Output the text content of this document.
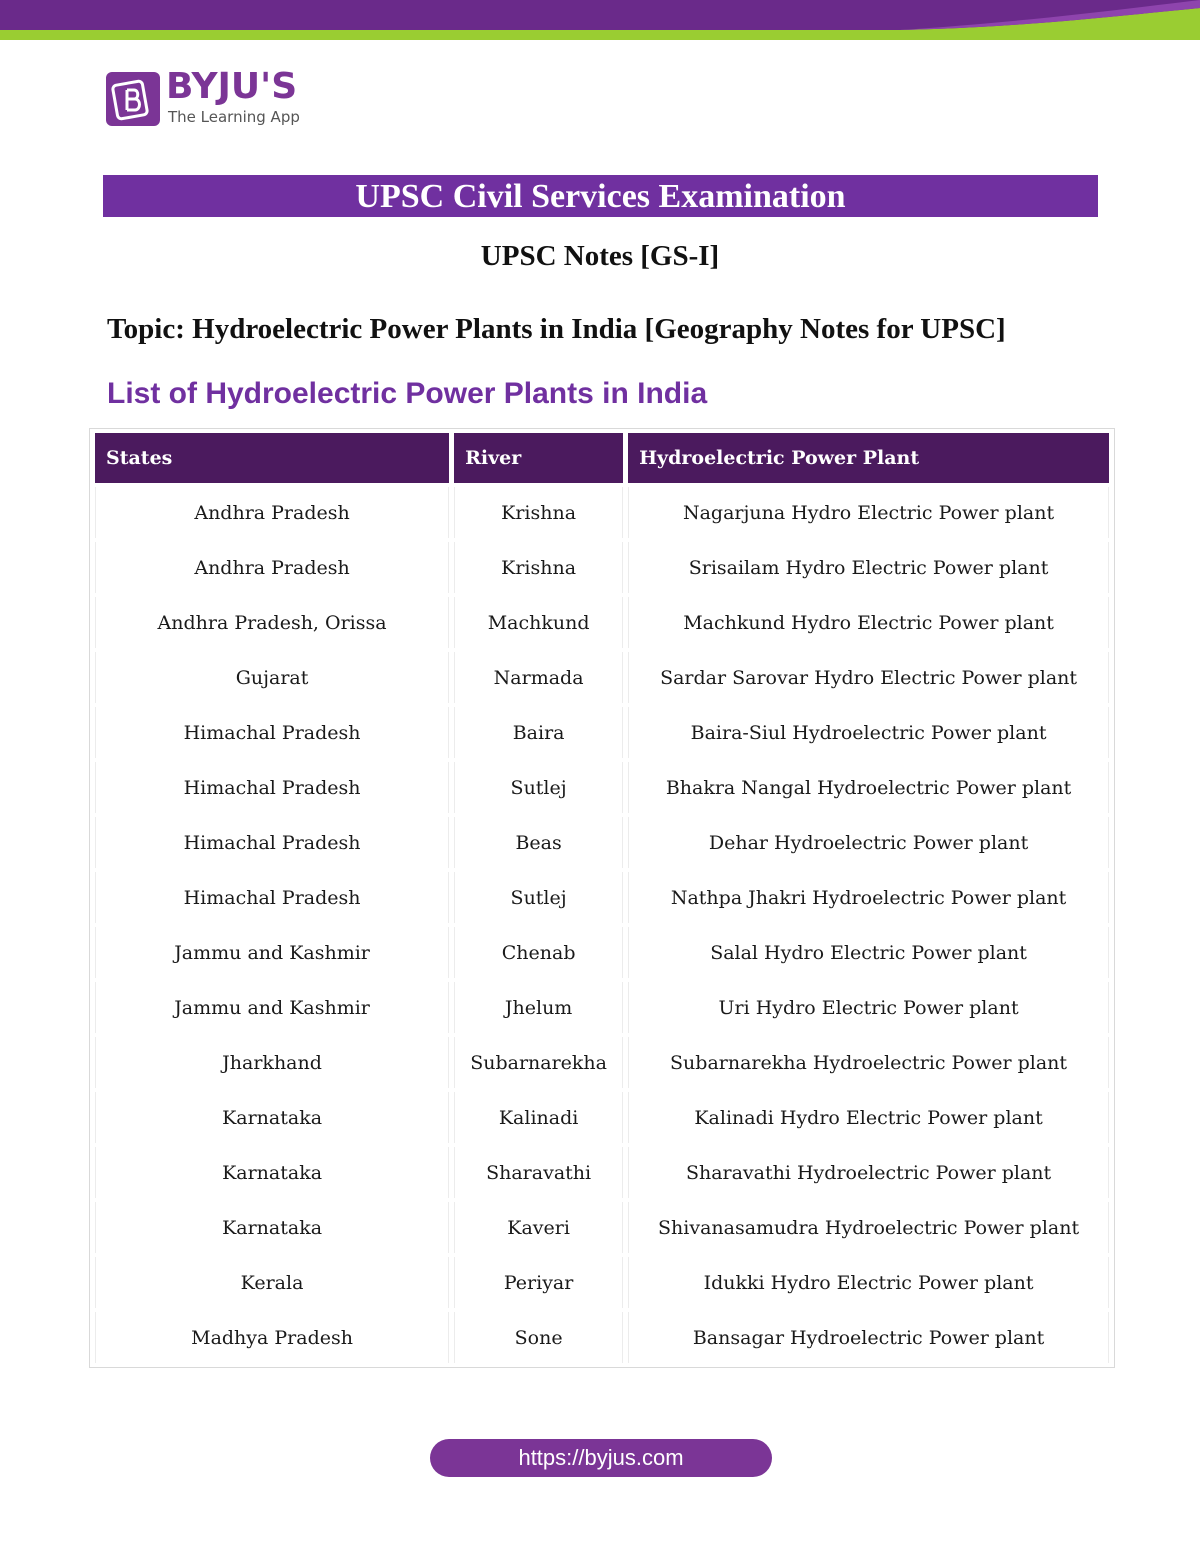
BYJU'S
The Learning App
UPSC Civil Services Examination
UPSC Notes [GS-I]
Topic: Hydroelectric Power Plants in India [Geography Notes for UPSC]
List of Hydroelectric Power Plants in India
States	River	Hydroelectric Power Plant
Andhra Pradesh	Krishna	Nagarjuna Hydro Electric Power plant
Andhra Pradesh	Krishna	Srisailam Hydro Electric Power plant
Andhra Pradesh, Orissa	Machkund	Machkund Hydro Electric Power plant
Gujarat	Narmada	Sardar Sarovar Hydro Electric Power plant
Himachal Pradesh	Baira	Baira-Siul Hydroelectric Power plant
Himachal Pradesh	Sutlej	Bhakra Nangal Hydroelectric Power plant
Himachal Pradesh	Beas	Dehar Hydroelectric Power plant
Himachal Pradesh	Sutlej	Nathpa Jhakri Hydroelectric Power plant
Jammu and Kashmir	Chenab	Salal Hydro Electric Power plant
Jammu and Kashmir	Jhelum	Uri Hydro Electric Power plant
Jharkhand	Subarnarekha	Subarnarekha Hydroelectric Power plant
Karnataka	Kalinadi	Kalinadi Hydro Electric Power plant
Karnataka	Sharavathi	Sharavathi Hydroelectric Power plant
Karnataka	Kaveri	Shivanasamudra Hydroelectric Power plant
Kerala	Periyar	Idukki Hydro Electric Power plant
Madhya Pradesh	Sone	Bansagar Hydroelectric Power plant
https://byjus.com
